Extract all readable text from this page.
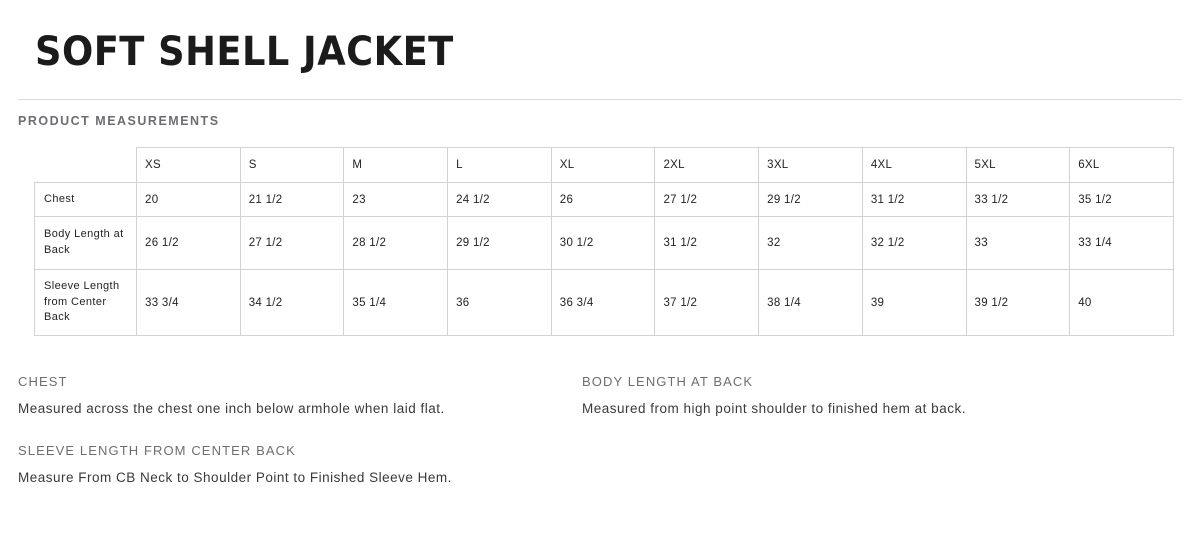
SOFT SHELL JACKET
PRODUCT MEASUREMENTS
	XS	S	M	L	XL	2XL	3XL	4XL	5XL	6XL
Chest	20	21 1/2	23	24 1/2	26	27 1/2	29 1/2	31 1/2	33 1/2	35 1/2
Body Length at Back	26 1/2	27 1/2	28 1/2	29 1/2	30 1/2	31 1/2	32	32 1/2	33	33 1/4
Sleeve Length from Center Back	33 3/4	34 1/2	35 1/4	36	36 3/4	37 1/2	38 1/4	39	39 1/2	40
CHEST
Measured across the chest one inch below armhole when laid flat.
BODY LENGTH AT BACK
Measured from high point shoulder to finished hem at back.
SLEEVE LENGTH FROM CENTER BACK
Measure From CB Neck to Shoulder Point to Finished Sleeve Hem.
